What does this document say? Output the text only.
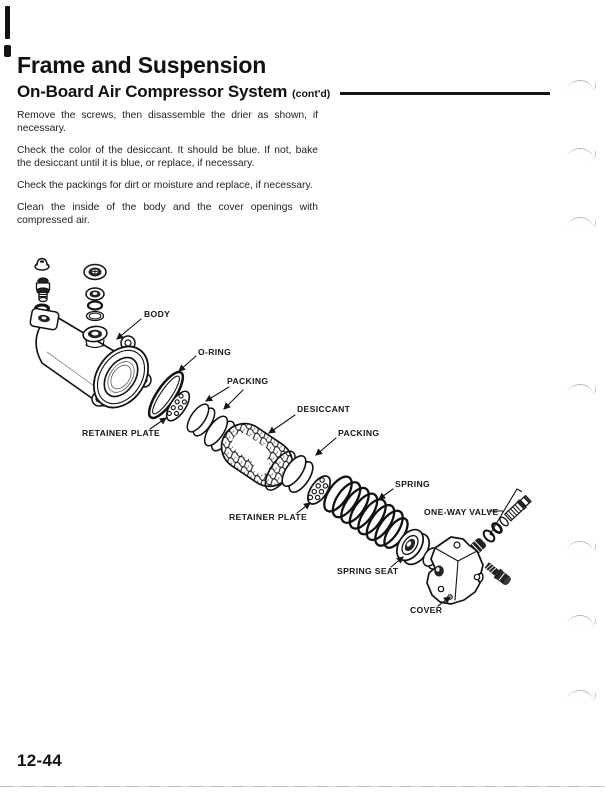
Frame and Suspension
On-Board Air Compressor System (cont'd)

Remove the screws, then disassemble the drier as shown, if necessary.

Check the color of the desiccant. It should be blue. If not, bake the desiccant until it is blue, or replace, if necessary.

Check the packings for dirt or moisture and replace, if necessary.

Clean the inside of the body and the cover openings with compressed air.

BODY
O-RING
PACKING
DESICCANT
PACKING
RETAINER PLATE
RETAINER PLATE
SPRING
ONE-WAY VALVE
SPRING SEAT
COVER
12-44
